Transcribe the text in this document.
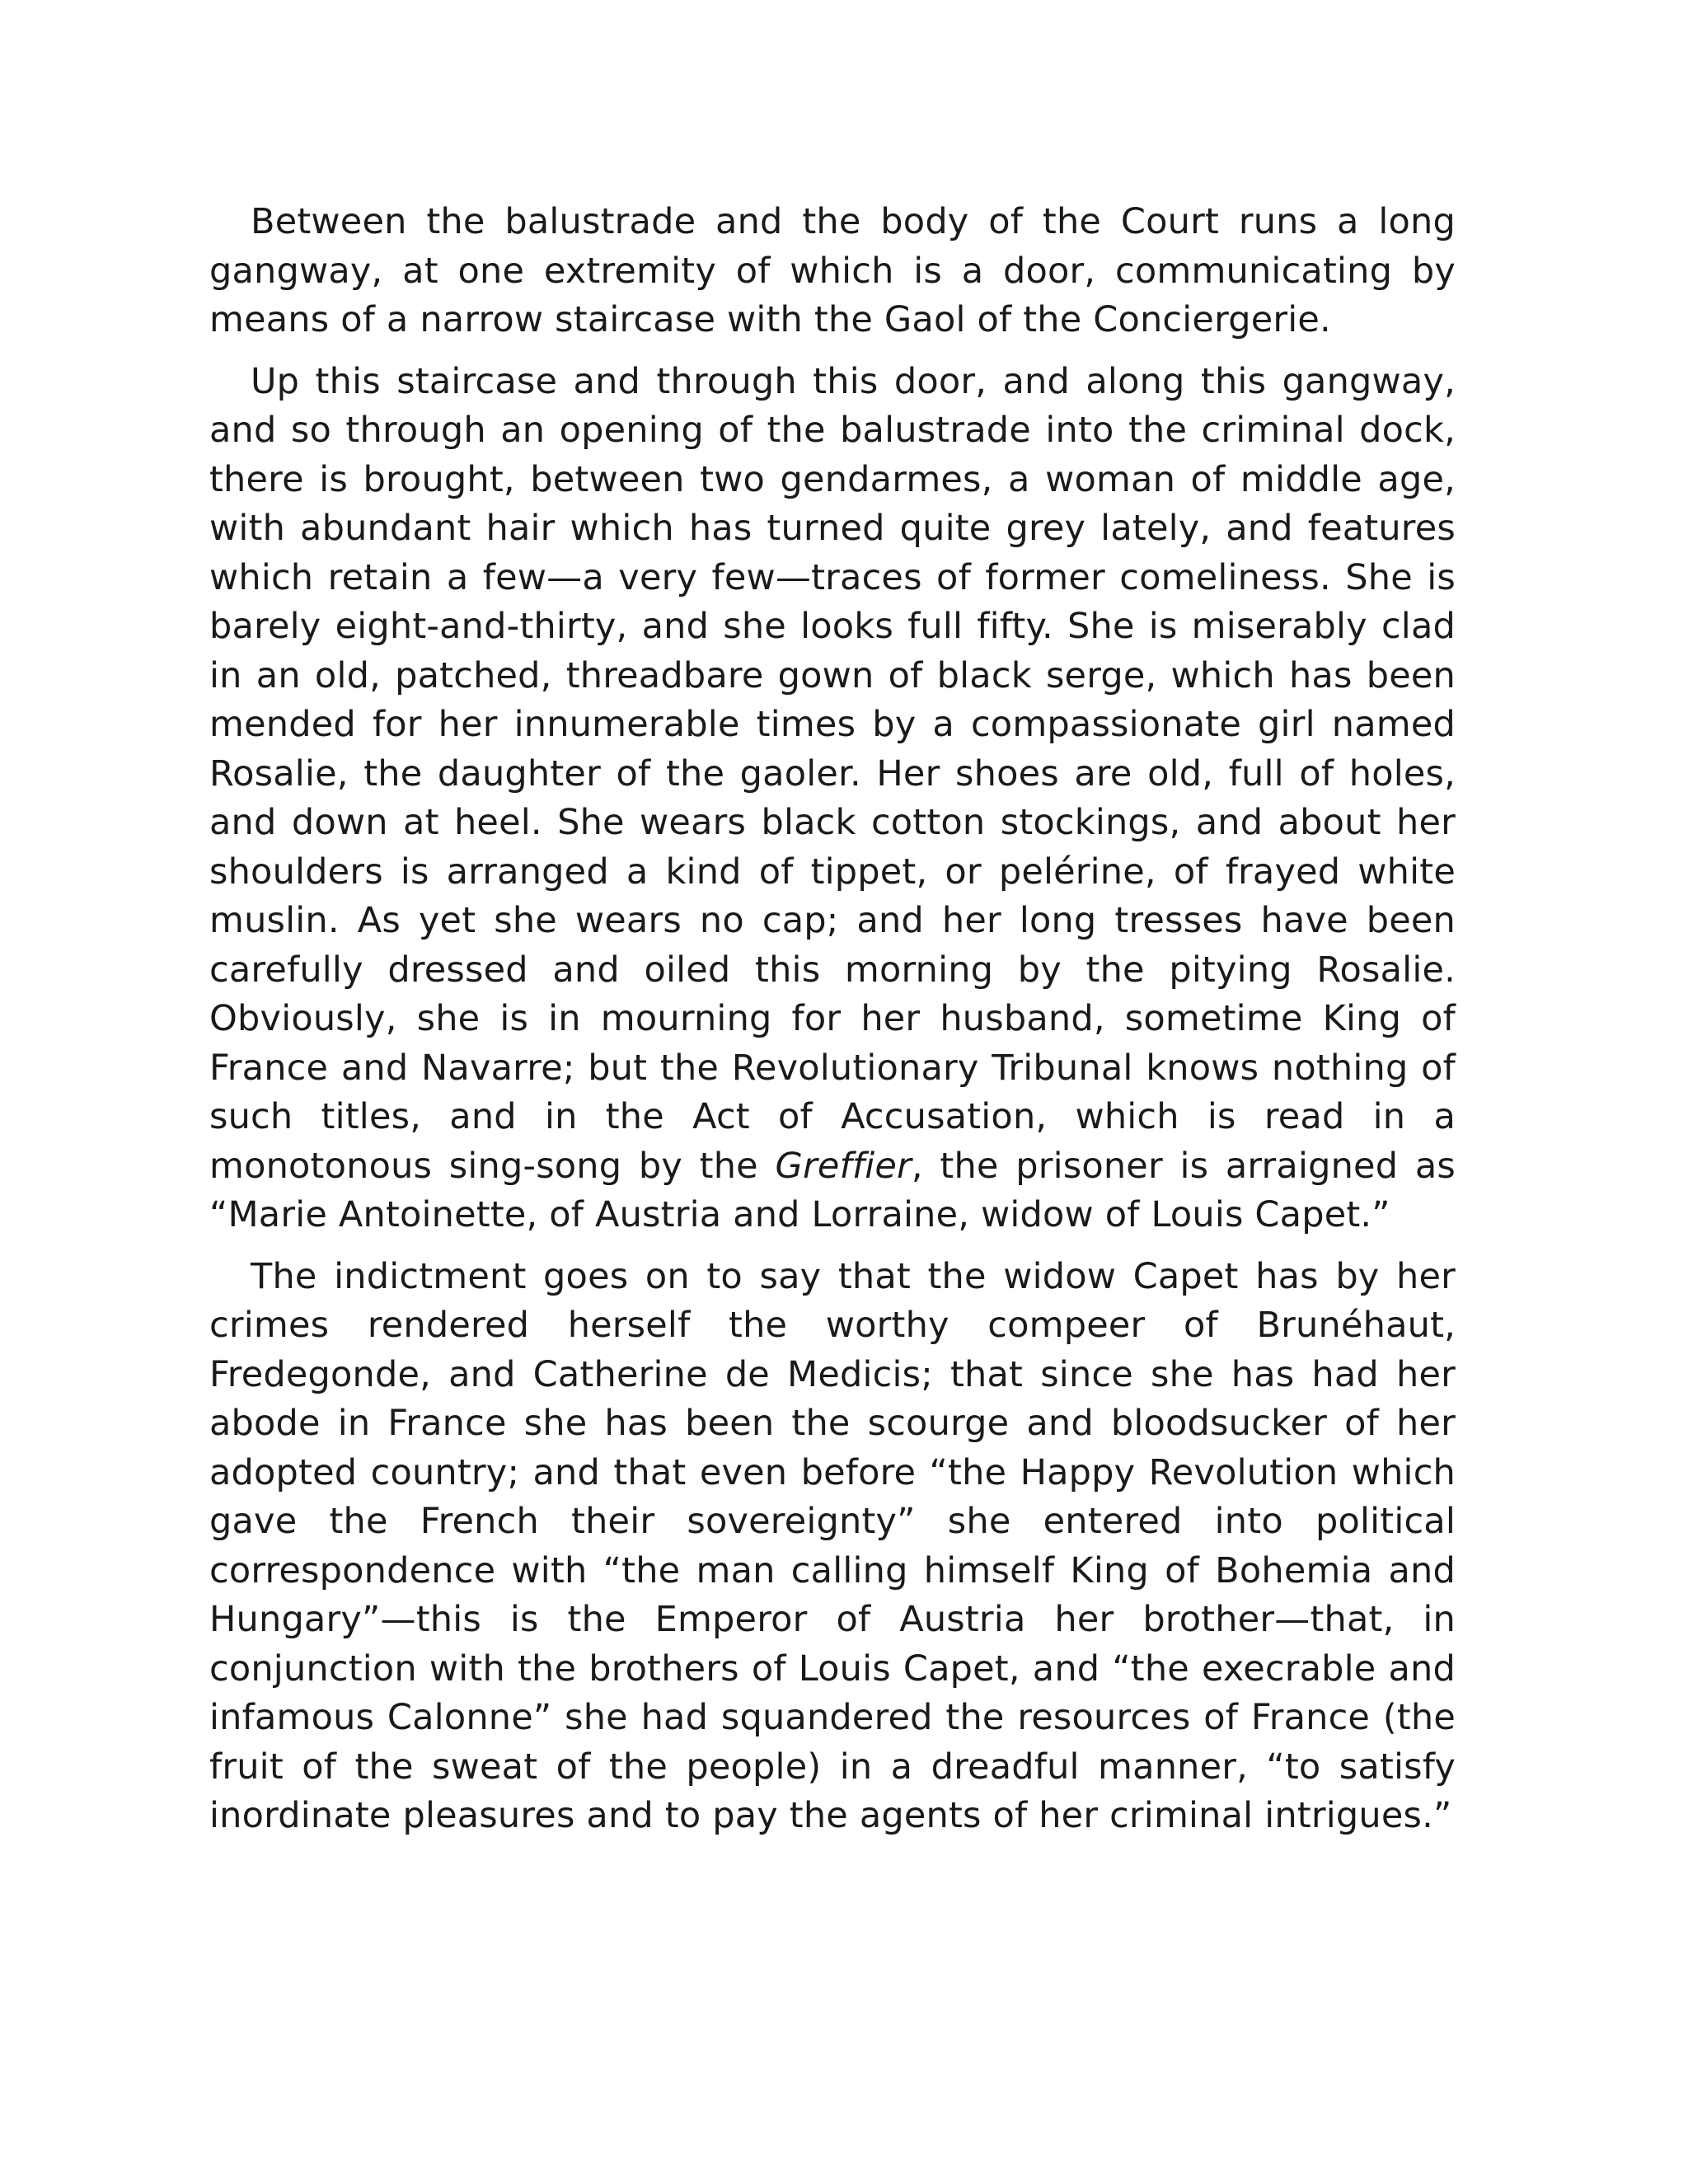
Between the balustrade and the body of the Court runs a long gangway, at one extremity of which is a door, communicating by means of a narrow staircase with the Gaol of the Conciergerie.

Up this staircase and through this door, and along this gangway, and so through an opening of the balustrade into the criminal dock, there is brought, between two gendarmes, a woman of middle age, with abundant hair which has turned quite grey lately, and features which retain a few—a very few—traces of former comeliness. She is barely eight-and-thirty, and she looks full fifty. She is miserably clad in an old, patched, threadbare gown of black serge, which has been mended for her innumerable times by a compassionate girl named Rosalie, the daughter of the gaoler. Her shoes are old, full of holes, and down at heel. She wears black cotton stockings, and about her shoulders is arranged a kind of tippet, or pelérine, of frayed white muslin. As yet she wears no cap; and her long tresses have been carefully dressed and oiled this morning by the pitying Rosalie. Obviously, she is in mourning for her husband, sometime King of France and Navarre; but the Revolutionary Tribunal knows nothing of such titles, and in the Act of Accusation, which is read in a monotonous sing-song by the Greffier, the prisoner is arraigned as “Marie Antoinette, of Austria and Lorraine, widow of Louis Capet.”

The indictment goes on to say that the widow Capet has by her crimes rendered herself the worthy compeer of Brunéhaut, Fredegonde, and Catherine de Medicis; that since she has had her abode in France she has been the scourge and bloodsucker of her adopted country; and that even before “the Happy Revolution which gave the French their sovereignty” she entered into political correspondence with “the man calling himself King of Bohemia and Hungary”—this is the Emperor of Austria her brother—that, in conjunction with the brothers of Louis Capet, and “the execrable and infamous Calonne” she had squandered the resources of France (the fruit of the sweat of the people) in a dreadful manner, “to satisfy inordinate pleasures and to pay the agents of her criminal intrigues.”
